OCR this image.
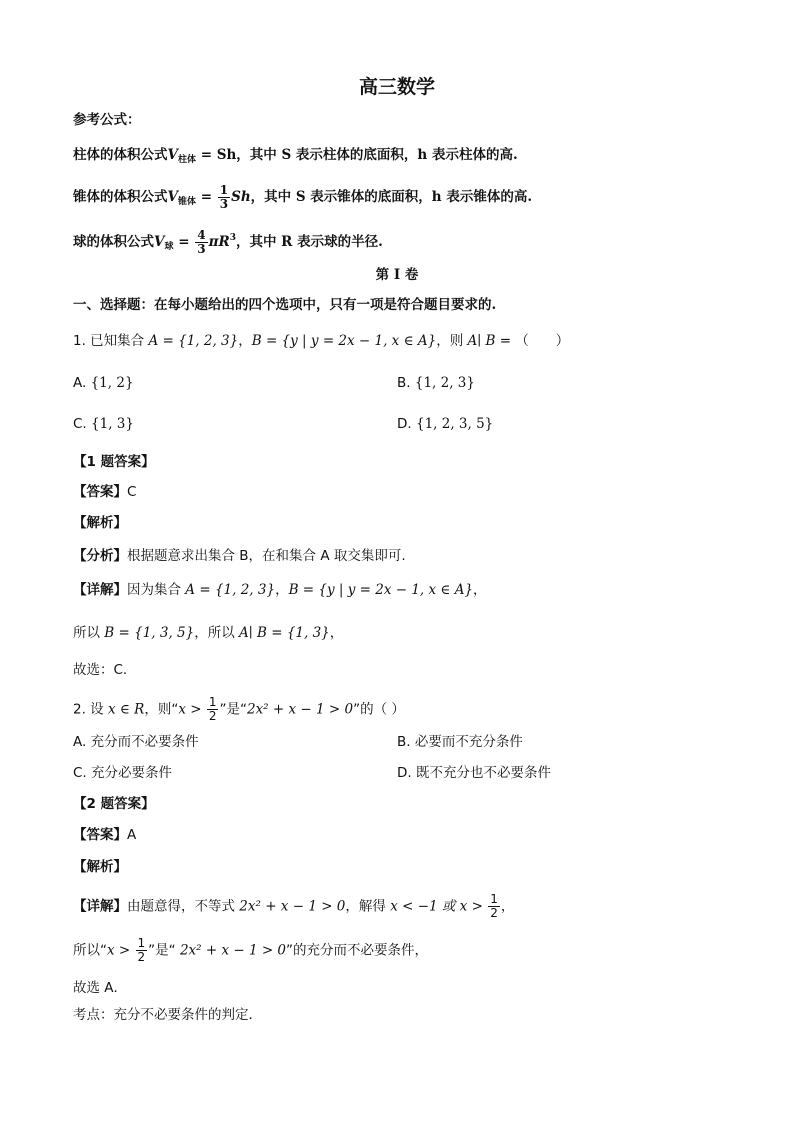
高三数学
参考公式：
柱体的体积公式$V_{柱体} = Sh$，其中 S 表示柱体的底面积，h 表示柱体的高.
锥体的体积公式$V_{锥体} = \frac{1}{3}$ Sh，其中 S 表示锥体的底面积，h 表示锥体的高.
球的体积公式$V_球 = \frac{4}{3} \pi R^3$，其中 R 表示球的半径.
第 I 卷
一、选择题：在每小题给出的四个选项中，只有一项是符合题目要求的.
1. 已知集合 A = {1, 2, 3}，B = {y | y = 2x − 1, x ∈ A}，则 A∣ B = （　　）
A. {1, 2}	B. {1, 2, 3}
C. {1, 3}	D. {1, 2, 3, 5}
【1 题答案】
【答案】C
【解析】
【分析】根据题意求出集合 B，在和集合 A 取交集即可.
【详解】因为集合 A = {1, 2, 3}，B = {y | y = 2x − 1, x ∈ A}，
所以 B = {1, 3, 5}，所以 A∣ B = {1, 3}，
故选：C.
2. 设 x ∈ R，则“$x > \frac{1}{2}$ ”是“2x² + x − 1 > 0”的（ ）
A. 充分而不必要条件	B. 必要而不充分条件
C. 充分必要条件	D. 既不充分也不必要条件
【2 题答案】
【答案】A
【解析】
【详解】由题意得，不等式 2x² + x − 1 > 0，解得 x < −1 或 $x > \frac{1}{2}$ ，
所以“$x > \frac{1}{2}$ ”是“ 2x² + x − 1 > 0”的充分而不必要条件，
故选 A．
考点：充分不必要条件的判定．
